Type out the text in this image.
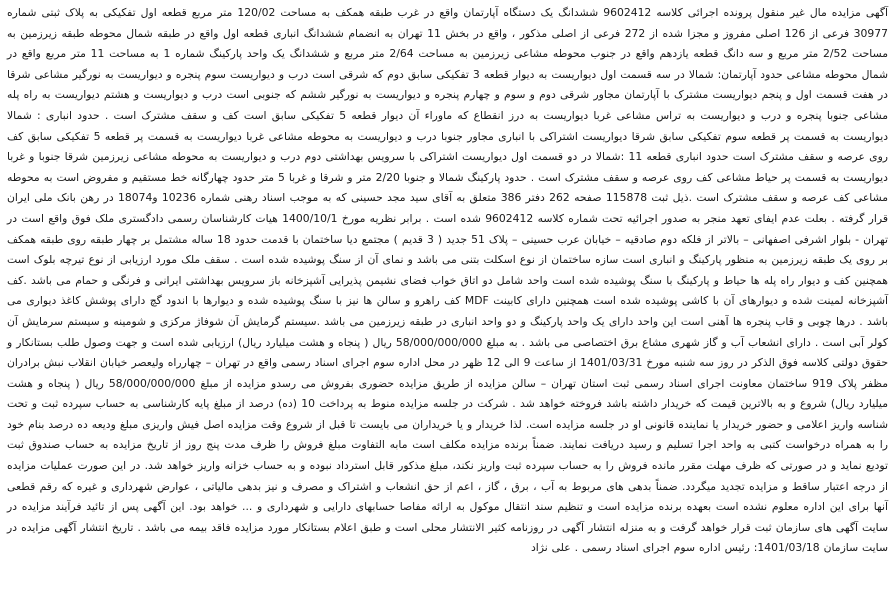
آگهی مزایده مال غیر منقول پرونده اجرائی کلاسه 9602412 ششدانگ یک دستگاه آپارتمان واقع در غرب طبقه همکف به مساحت 120/02 متر مربع قطعه اول تفکیکی به پلاک ثبتی شماره 30977 فرعی از 126 اصلی مفروز و مجزا شده از 272 فرعی از اصلی مذکور ، واقع در بخش 11 تهران به انضمام ششدانگ انباری قطعه اول واقع در طبقه شمال محوطه طبقه زیرزمین به مساحت 2/52 متر مربع و سه دانگ قطعه یازدهم واقع در جنوب محوطه مشاعی زیرزمین به مساحت 2/64 متر مربع و ششدانگ یک واحد پارکینگ شماره 1 به مساحت 11 متر مربع واقع در شمال محوطه مشاعی حدود آپارتمان: شمالا در سه قسمت اول دیواریست به دیوار قطعه 3 تفکیکی سابق دوم که شرقی است درب و دیواریست سوم پنجره و دیواریست به نورگیر مشاعی شرقا در هفت قسمت اول و پنجم دیواریست مشترک با آپارتمان مجاور شرقی دوم و سوم و چهارم پنجره و دیواریست به نورگیر ششم که جنوبی است درب و دیواریست و هشتم دیواریست به راه پله مشاعی جنوبا پنجره و درب و دیواریست به تراس مشاعی غربا دیواریست به درز انقطاع که ماوراء آن دیوار قطعه 5 تفکیکی سابق است کف و سقف مشترک است . حدود انباری : شمالا دیواریست به قسمت پر قطعه سوم تفکیکی سابق شرقا دیواریست اشتراکی با انباری مجاور جنوبا درب و دیواریست به محوطه مشاعی غربا دیواریست به قسمت پر قطعه 5 تفکیکی سابق کف روی عرصه و سقف مشترک است حدود انباری قطعه 11 :شمالا در دو قسمت اول دیواریست اشتراکی با سرویس بهداشتی دوم درب و دیواریست به محوطه مشاعی زیرزمین شرقا جنوبا و غربا دیواریست به قسمت پر حیاط مشاعی کف روی عرصه و سقف مشترک است . حدود پارکینگ شمالا و جنوبا 2/20 متر و شرقا و غربا 5 متر حدود چهارگانه خط مستقیم و مفروض است به محوطه مشاعی کف عرصه و سقف مشترک است .ذیل ثبت 115878 صفحه 262 دفتر 386 متعلق به آقای سید مجد حسینی که به موجب اسناد رهنی شماره 10236 و18074 در رهن بانک ملی ایران قرار گرفته . بعلت عدم ایفای تعهد منجر به صدور اجرائیه تحت شماره کلاسه 9602412 شده است . برابر نظریه مورخ 1400/10/1 هیات کارشناسان رسمی دادگستری ملک فوق واقع است در تهران - بلوار اشرفی اصفهانی – بالاتر از فلکه دوم صادقیه – خیابان عرب حسینی – پلاک 51 جدید ( 3 قدیم ) مجتمع دیا ساختمان با قدمت حدود 18 ساله مشتمل بر چهار طبقه روی طبقه همکف بر روی یک طبقه زیرزمین به منظور پارکینگ و انباری است سازه ساختمان از نوع اسکلت بتنی می باشد و نمای آن از سنگ پوشیده شده است . سقف ملک مورد ارزیابی از نوع تیرچه بلوک است همچنین کف و دیوار راه پله ها حیاط و پارکینگ با سنگ پوشیده شده است واحد شامل دو اتاق خواب فضای نشیمن پذیرایی آشپزخانه باز سرویس بهداشتی ایرانی و فرنگی و حمام می باشد .کف آشپزخانه لمینت شده و دیوارهای آن با کاشی پوشیده شده است همچنین دارای کابینت MDF کف راهرو و سالن ها نیز با سنگ پوشیده شده و دیوارها با اندود گچ دارای پوشش کاغذ دیواری می باشد . درها چوبی و قاب پنجره ها آهنی است این واحد دارای یک واحد پارکینگ و دو واحد انباری در طبقه زیرزمین می باشد .سیستم گرمایش آن شوفاژ مرکزی و شومینه و سیستم سرمایش آن کولر آبی است . دارای انشعاب آب و گاز شهری مشاع برق اختصاصی می باشد . به مبلغ 58/000/000/000 ریال ( پنجاه و هشت میلیارد ریال) ارزیابی شده است و جهت وصول طلب بستانکار و حقوق دولتی کلاسه فوق الذکر در روز سه شنبه مورخ 1401/03/31 از ساعت 9 الی 12 ظهر در محل اداره سوم اجرای اسناد رسمی واقع در تهران – چهارراه ولیعصر خیابان انقلاب نبش برادران مظفر پلاک 919 ساختمان معاونت اجرای اسناد رسمی ثبت استان تهران – سالن مزایده از طریق مزایده حضوری بفروش می رسدو مزایده از مبلغ 58/000/000/000 ریال ( پنجاه و هشت میلیارد ریال) شروع و به بالاترین قیمت که خریدار داشته باشد فروخته خواهد شد . شرکت در جلسه مزایده منوط به پرداخت 10 (ده) درصد از مبلغ پایه کارشناسی به حساب سپرده ثبت و تحت شناسه واریز اعلامی و حضور خریدار یا نماینده قانونی او در جلسه مزایده است. لذا خریدار و یا خریداران می بایست تا قبل از شروع وقت مزایده اصل فیش واریزی مبلغ ودیعه ده درصد بنام خود را به همراه درخواست کتبی به واحد اجرا تسلیم و رسید دریافت نمایند. ضمناً برنده مزایده مکلف است مابه التفاوت مبلغ فروش را ظرف مدت پنج روز از تاریخ مزایده به حساب صندوق ثبت تودیع نماید و در صورتی که ظرف مهلت مقرر مانده فروش را به حساب سپرده ثبت واریز نکند، مبلغ مذکور قابل استرداد نبوده و به حساب خزانه واریز خواهد شد. در این صورت عملیات مزایده از درجه اعتبار ساقط و مزایده تجدید میگردد. ضمناً بدهی های مربوط به آب ، برق ، گاز ، اعم از حق انشعاب و اشتراک و مصرف و نیز بدهی مالیاتی ، عوارض شهرداری و غیره که رقم قطعی آنها برای این اداره معلوم نشده است بعهده برنده مزایده است و تنظیم سند انتقال موکول به ارائه مفاصا حسابهای دارایی و شهرداری و ... خواهد بود. این آگهی پس از تائید فرآیند مزایده در سایت آگهی های سازمان ثبت قرار خواهد گرفت و به منزله انتشار آگهی در روزنامه کثیر الانتشار محلی است و طبق اعلام بستانکار مورد مزایده فاقد بیمه می باشد . تاریخ انتشار آگهی مزایده در سایت سازمان 1401/03/18: رئیس اداره سوم اجرای اسناد رسمی . علی نژاد
